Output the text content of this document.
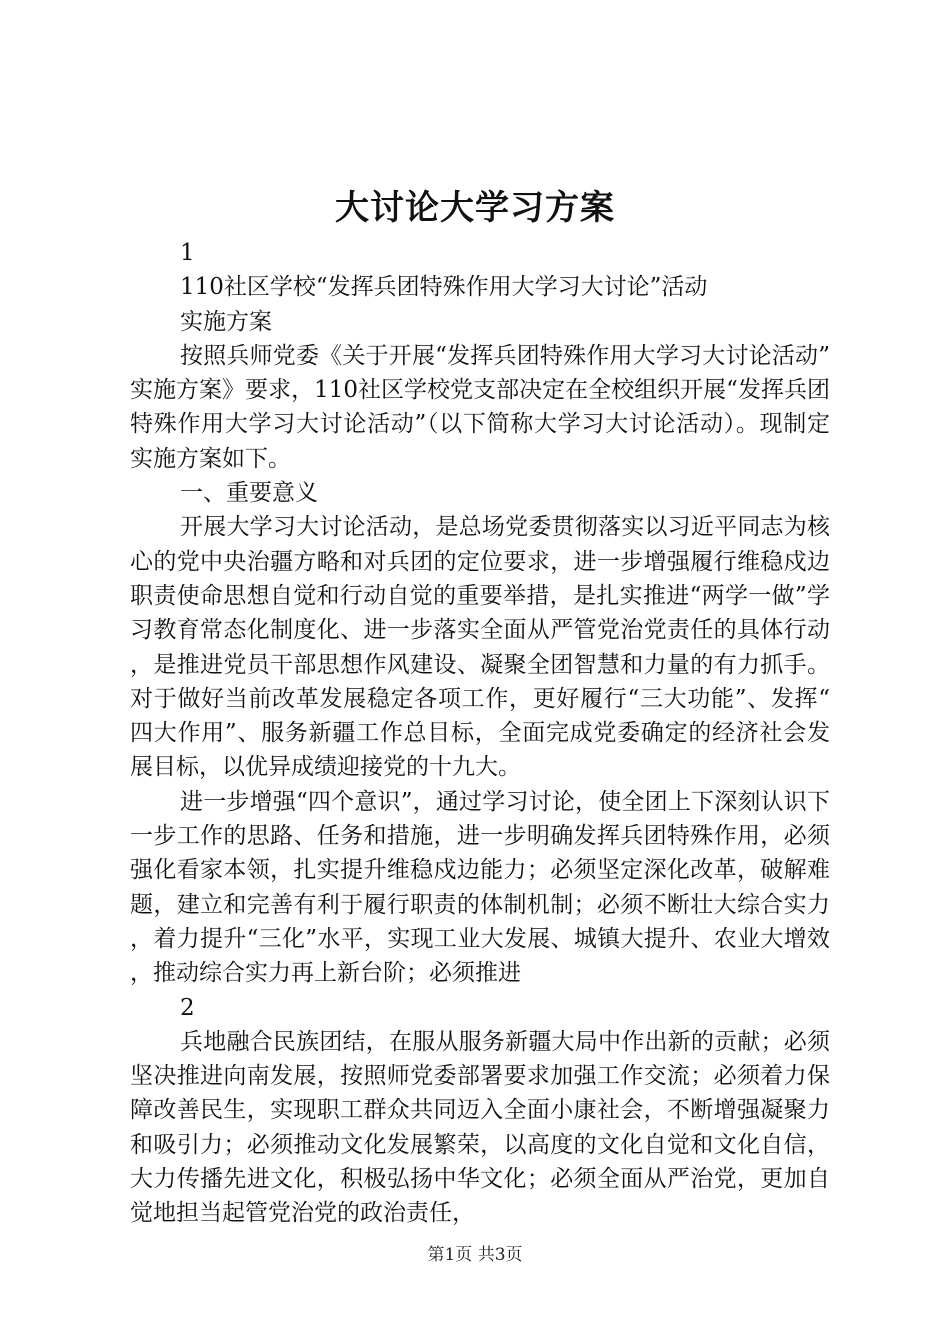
大讨论大学习方案

1

110社区学校“发挥兵团特殊作用大学习大讨论”活动

实施方案

按照兵师党委《关于开展“发挥兵团特殊作用大学习大讨论活动”实施方案》要求，110社区学校党支部决定在全校组织开展“发挥兵团特殊作用大学习大讨论活动”（以下简称大学习大讨论活动）。现制定实施方案如下。

一、重要意义

开展大学习大讨论活动，是总场党委贯彻落实以习近平同志为核心的党中央治疆方略和对兵团的定位要求，进一步增强履行维稳戍边职责使命思想自觉和行动自觉的重要举措，是扎实推进“两学一做”学习教育常态化制度化、进一步落实全面从严管党治党责任的具体行动，是推进党员干部思想作风建设、凝聚全团智慧和力量的有力抓手。对于做好当前改革发展稳定各项工作，更好履行“三大功能”、发挥“四大作用”、服务新疆工作总目标，全面完成党委确定的经济社会发展目标，以优异成绩迎接党的十九大。

进一步增强“四个意识”，通过学习讨论，使全团上下深刻认识下一步工作的思路、任务和措施，进一步明确发挥兵团特殊作用，必须强化看家本领，扎实提升维稳戍边能力；必须坚定深化改革，破解难题，建立和完善有利于履行职责的体制机制；必须不断壮大综合实力，着力提升“三化”水平，实现工业大发展、城镇大提升、农业大增效，推动综合实力再上新台阶；必须推进

2

兵地融合民族团结，在服从服务新疆大局中作出新的贡献；必须坚决推进向南发展，按照师党委部署要求加强工作交流；必须着力保障改善民生，实现职工群众共同迈入全面小康社会，不断增强凝聚力和吸引力；必须推动文化发展繁荣，以高度的文化自觉和文化自信，大力传播先进文化，积极弘扬中华文化；必须全面从严治党，更加自觉地担当起管党治党的政治责任，

第1页 共3页
